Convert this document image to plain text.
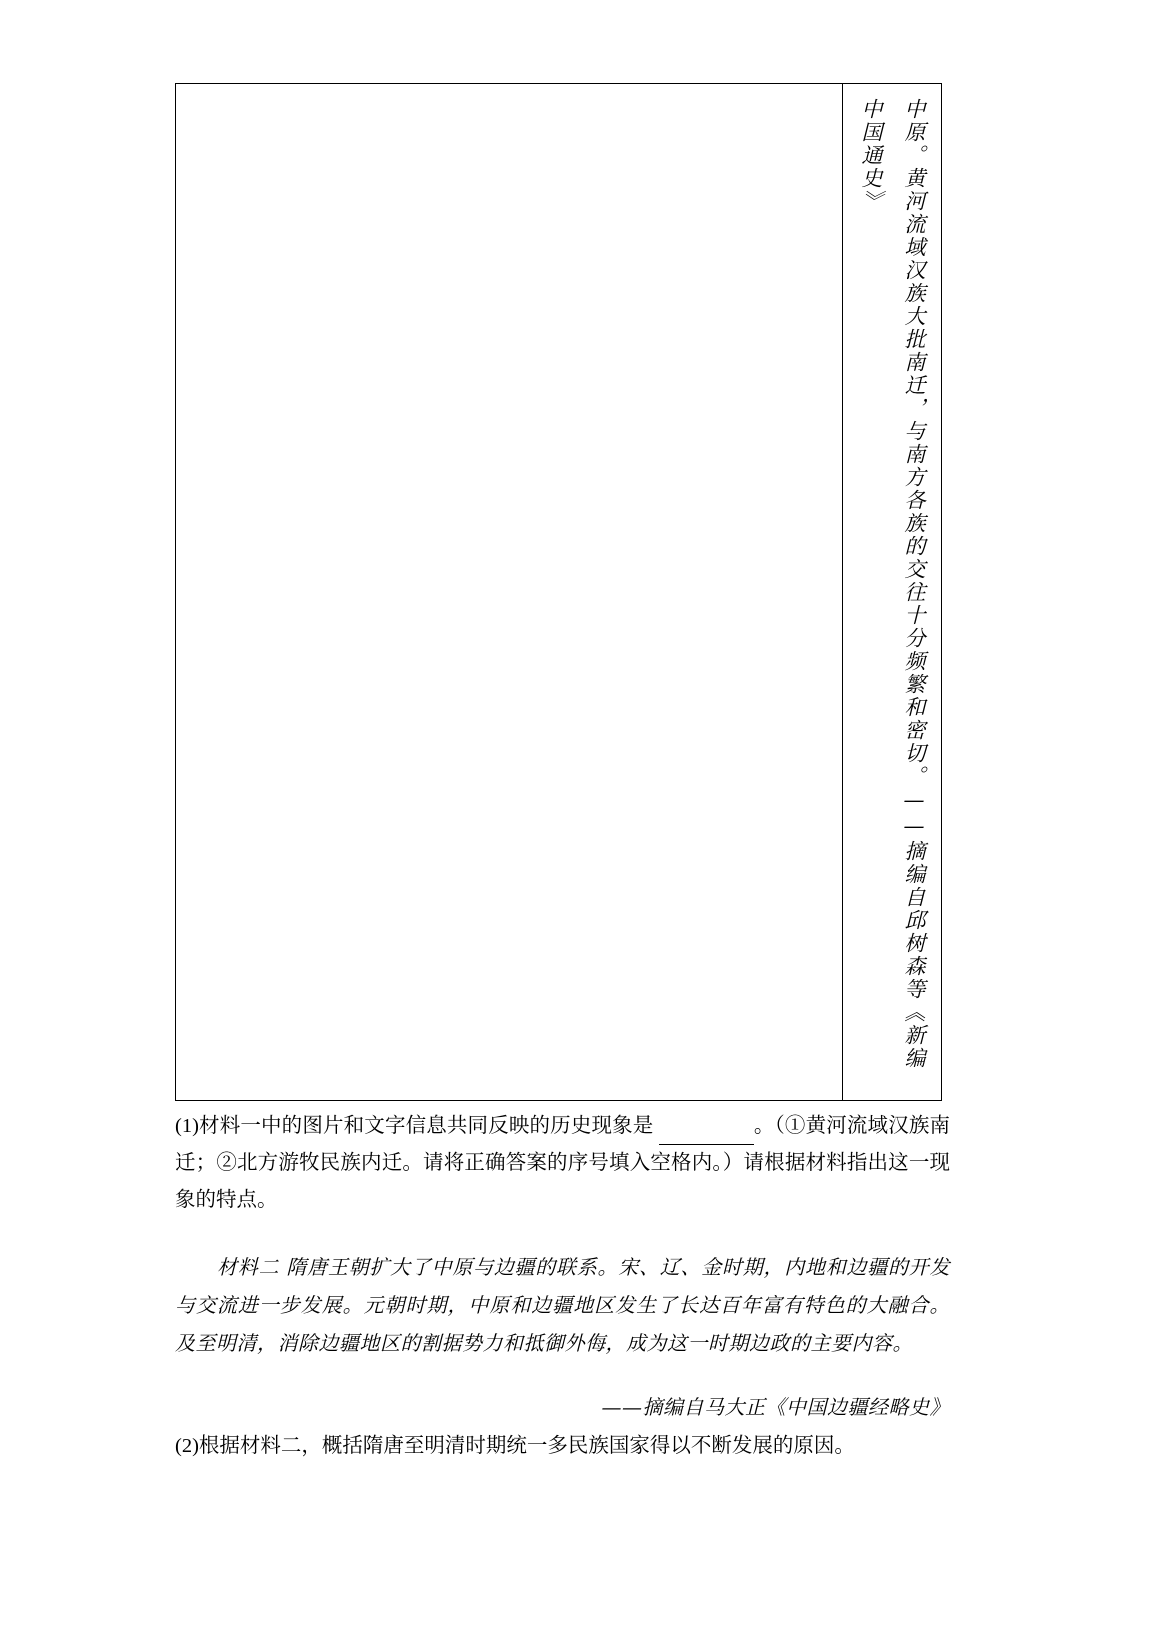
中原。黄河流域汉族大批南迁，与南方各族的交往十分频繁和密切。——摘编自邱树森等《新编中国通史》
(1)材料一中的图片和文字信息共同反映的历史现象是	。（①黄河流域汉族南迁；②北方游牧民族内迁。请将正确答案的序号填入空格内。）请根据材料指出这一现象的特点。
材料二 隋唐王朝扩大了中原与边疆的联系。宋、辽、金时期，内地和边疆的开发与交流进一步发展。元朝时期，中原和边疆地区发生了长达百年富有特色的大融合。及至明清，消除边疆地区的割据势力和抵御外侮，成为这一时期边政的主要内容。
——摘编自马大正《中国边疆经略史》
(2)根据材料二，概括隋唐至明清时期统一多民族国家得以不断发展的原因。
